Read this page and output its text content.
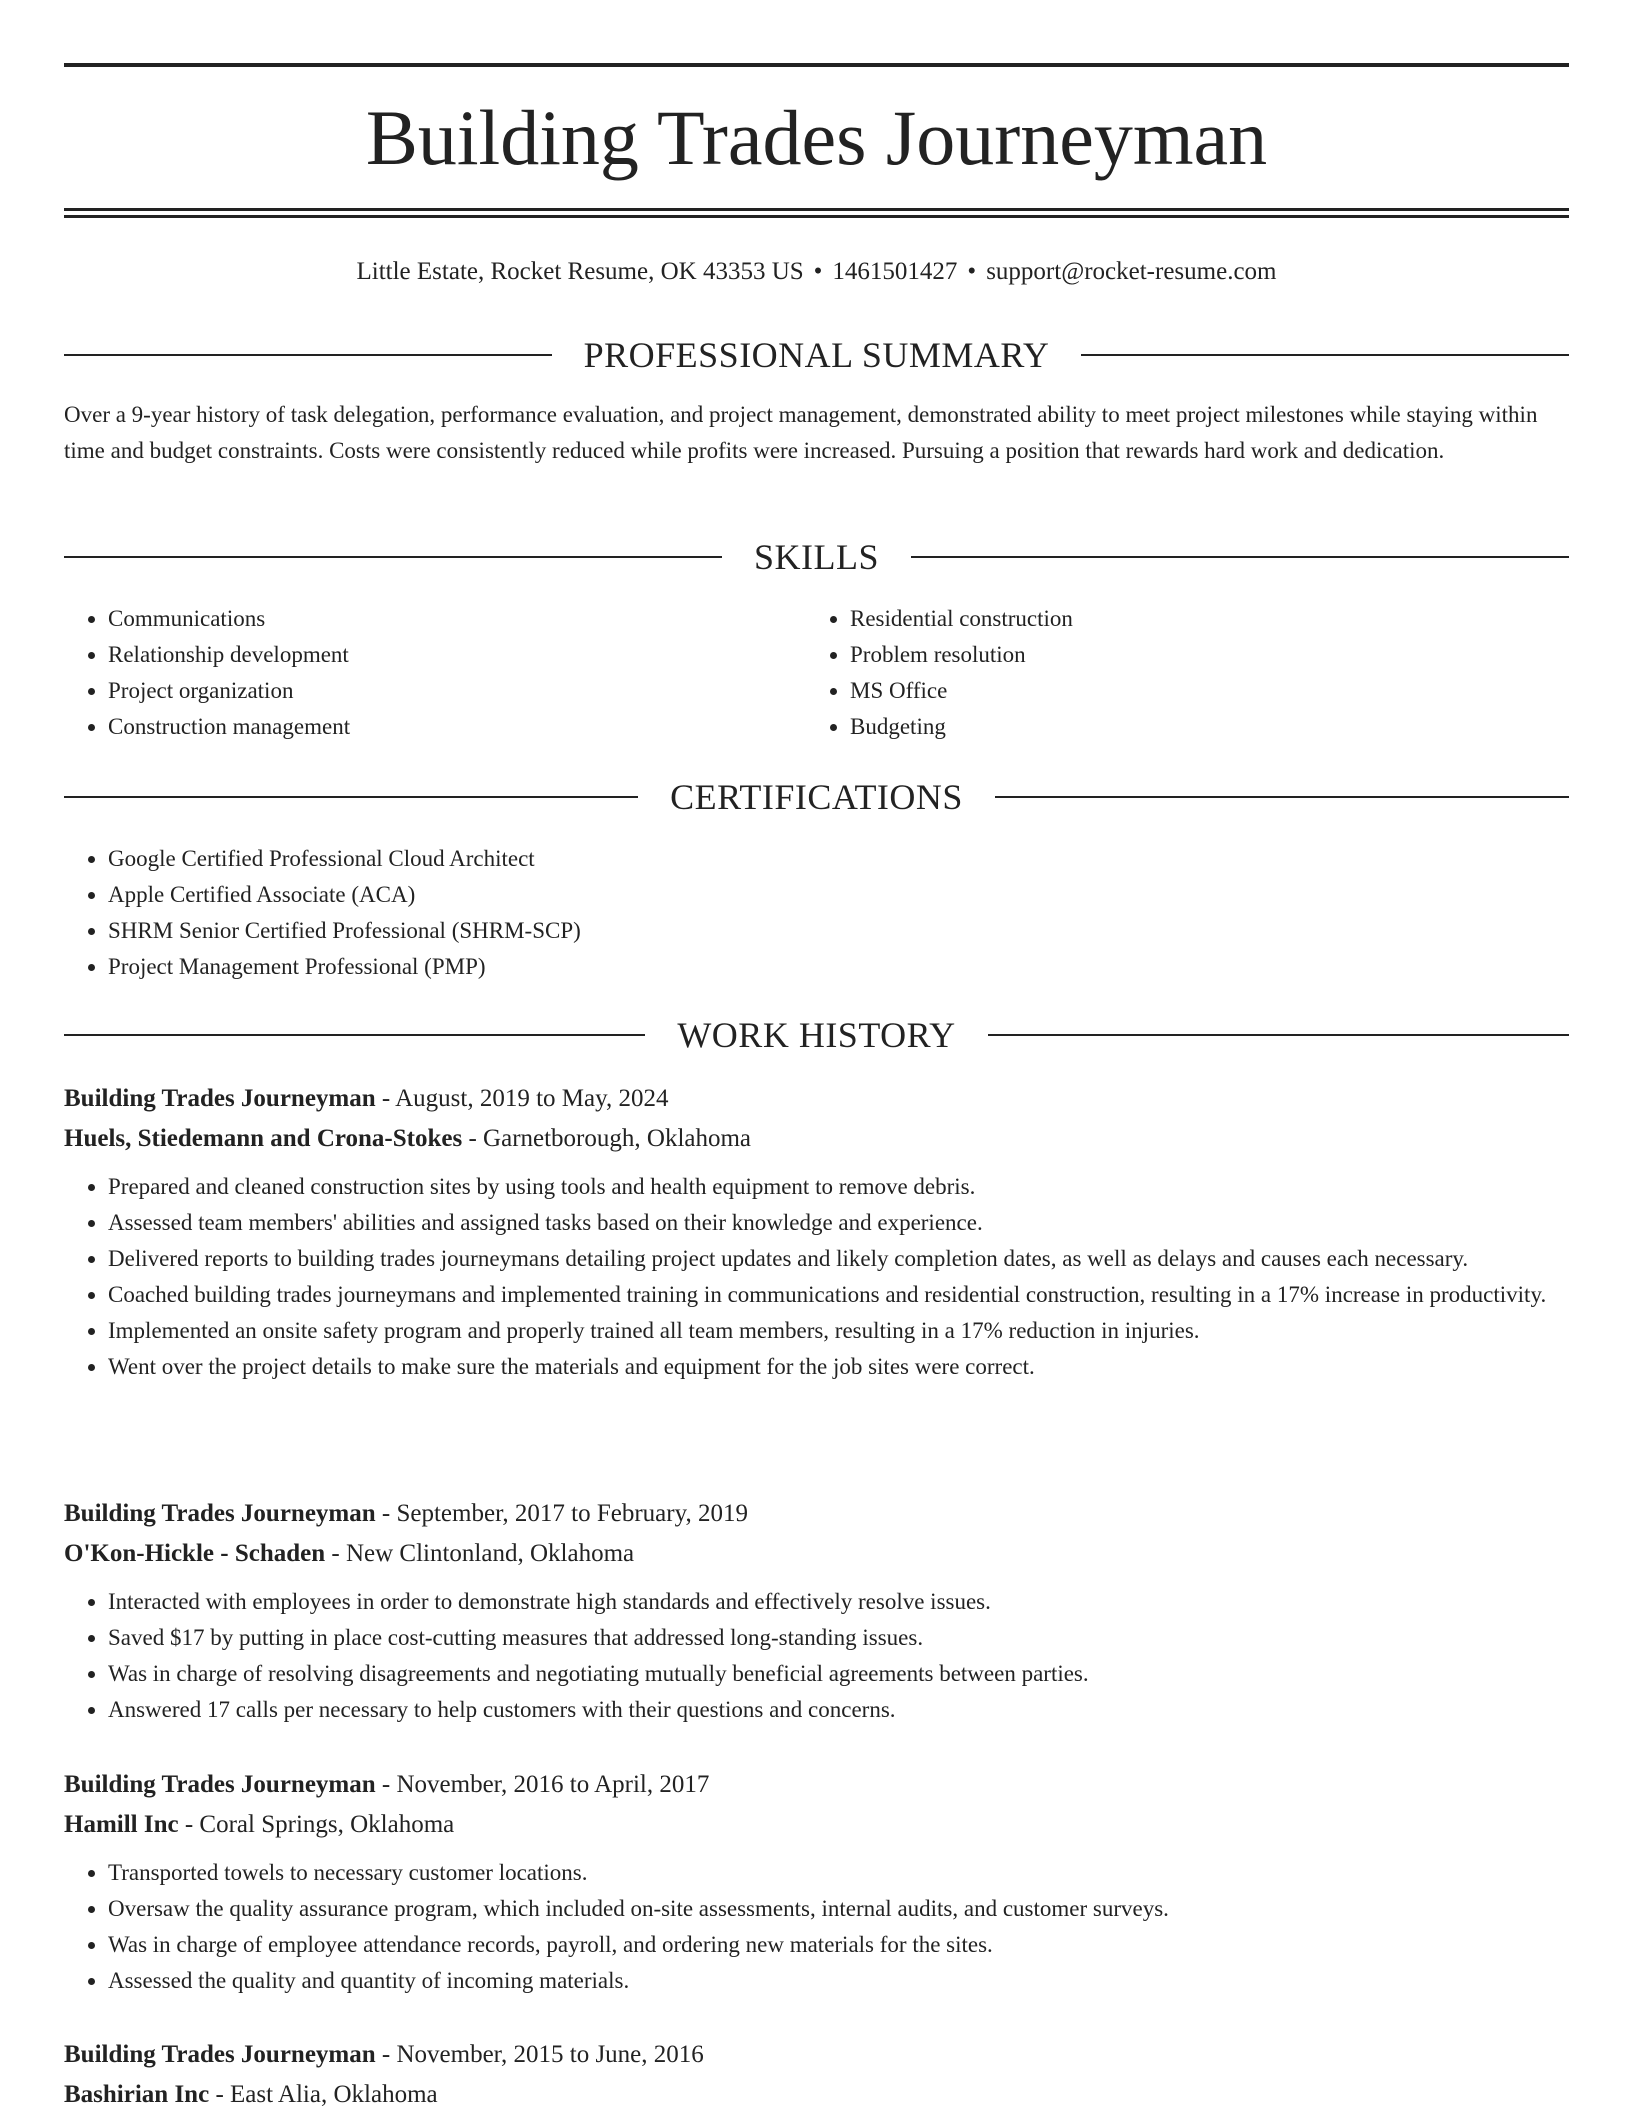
Building Trades Journeyman
Little Estate, Rocket Resume, OK 43353 US • 1461501427 • support@rocket-resume.com
PROFESSIONAL SUMMARY

Over a 9-year history of task delegation, performance evaluation, and project management, demonstrated ability to meet project milestones while staying within time and budget constraints. Costs were consistently reduced while profits were increased. Pursuing a position that rewards hard work and dedication.

SKILLS
• Communications
• Relationship development
• Project organization
• Construction management
• Residential construction
• Problem resolution
• MS Office
• Budgeting
CERTIFICATIONS
• Google Certified Professional Cloud Architect
• Apple Certified Associate (ACA)
• SHRM Senior Certified Professional (SHRM-SCP)
• Project Management Professional (PMP)
WORK HISTORY
Building Trades Journeyman - August, 2019 to May, 2024
Huels, Stiedemann and Crona-Stokes - Garnetborough, Oklahoma
• Prepared and cleaned construction sites by using tools and health equipment to remove debris.
• Assessed team members' abilities and assigned tasks based on their knowledge and experience.
• Delivered reports to building trades journeymans detailing project updates and likely completion dates, as well as delays and causes each necessary.
• Coached building trades journeymans and implemented training in communications and residential construction, resulting in a 17% increase in productivity.
• Implemented an onsite safety program and properly trained all team members, resulting in a 17% reduction in injuries.
• Went over the project details to make sure the materials and equipment for the job sites were correct.
Building Trades Journeyman - September, 2017 to February, 2019
O'Kon-Hickle - Schaden - New Clintonland, Oklahoma
• Interacted with employees in order to demonstrate high standards and effectively resolve issues.
• Saved $17 by putting in place cost-cutting measures that addressed long-standing issues.
• Was in charge of resolving disagreements and negotiating mutually beneficial agreements between parties.
• Answered 17 calls per necessary to help customers with their questions and concerns.
Building Trades Journeyman - November, 2016 to April, 2017
Hamill Inc - Coral Springs, Oklahoma
• Transported towels to necessary customer locations.
• Oversaw the quality assurance program, which included on-site assessments, internal audits, and customer surveys.
• Was in charge of employee attendance records, payroll, and ordering new materials for the sites.
• Assessed the quality and quantity of incoming materials.
Building Trades Journeyman - November, 2015 to June, 2016
Bashirian Inc - East Alia, Oklahoma
